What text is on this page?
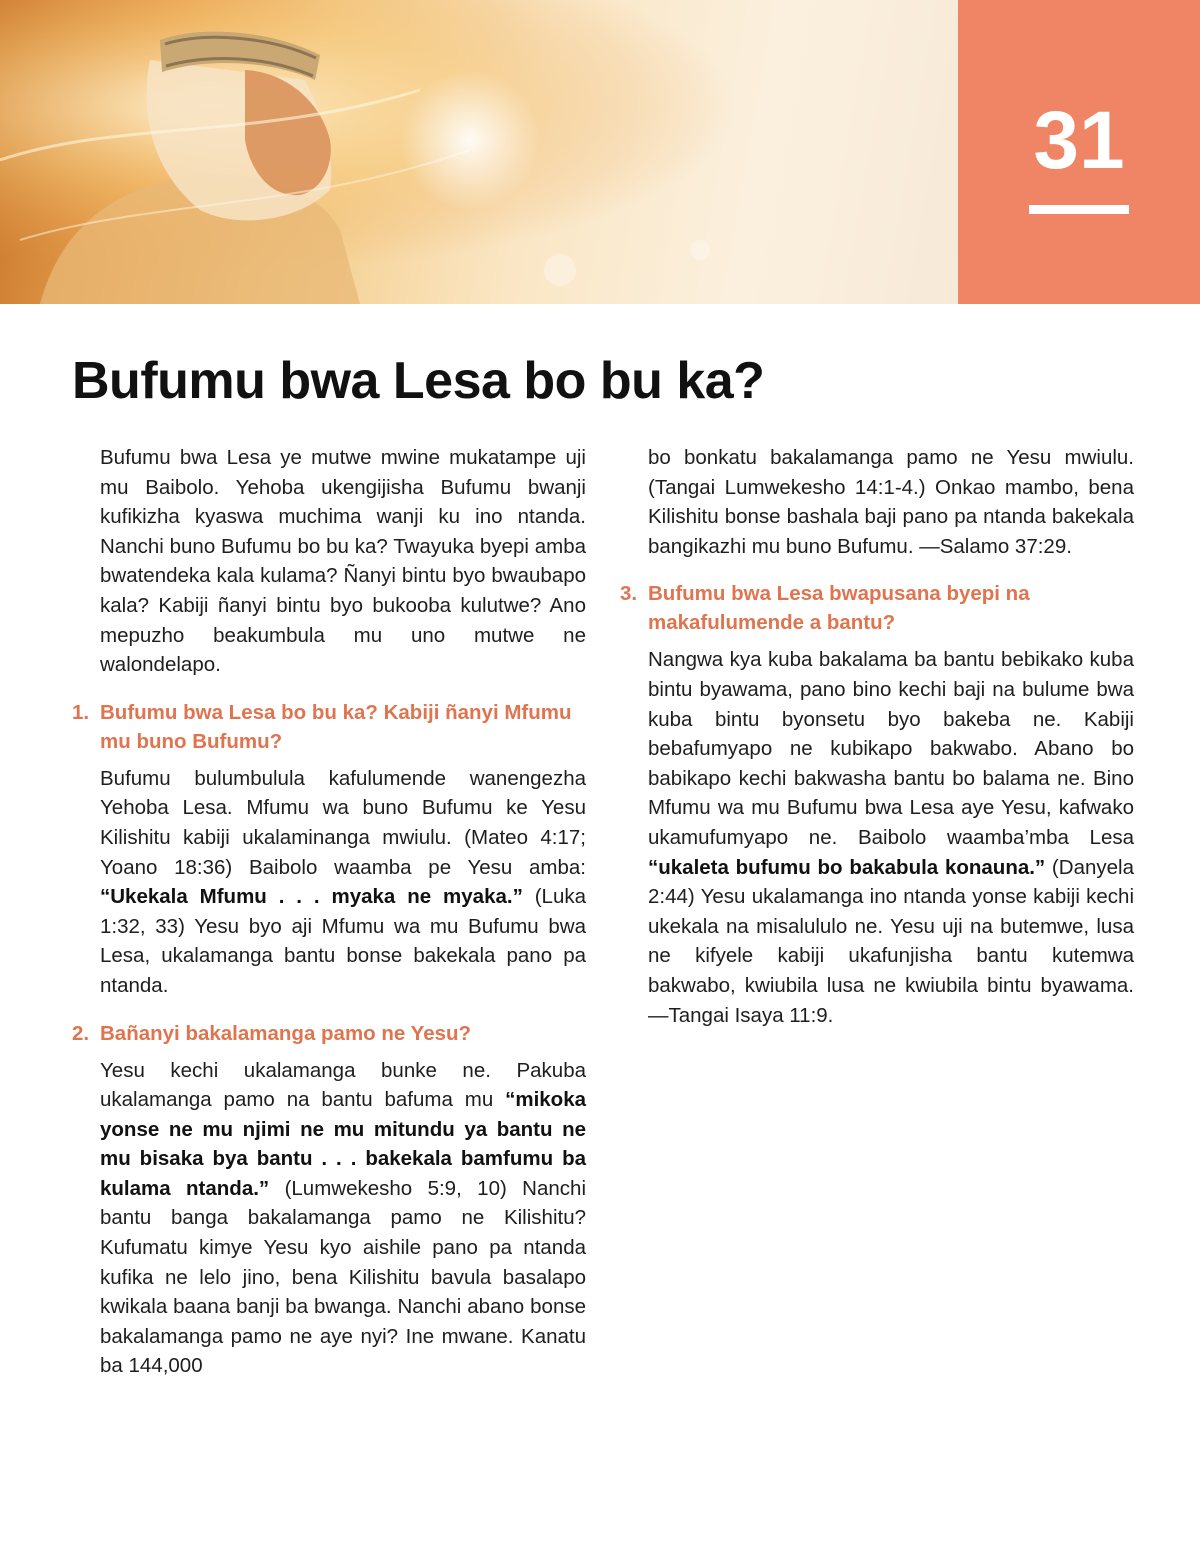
31
Bufumu bwa Lesa bo bu ka?

Bufumu bwa Lesa ye mutwe mwine mukatampe uji mu Baibolo. Yehoba ukengijisha Bufumu bwanji kufikizha kyaswa muchima wanji ku ino ntanda. Nanchi buno Bufumu bo bu ka? Twayuka byepi amba bwatendeka kala kulama? Ñanyi bintu byo bwaubapo kala? Kabiji ñanyi bintu byo bukooba kulutwe? Ano mepuzho beakumbula mu uno mutwe ne walondelapo.

1. Bufumu bwa Lesa bo bu ka? Kabiji ñanyi Mfumu mu buno Bufumu?

Bufumu bulumbulula kafulumende wanengezha Yehoba Lesa. Mfumu wa buno Bufumu ke Yesu Kilishitu kabiji ukalaminanga mwiulu. (Mateo 4:17; Yoano 18:36) Baibolo waamba pe Yesu amba: “Ukekala Mfumu . . . myaka ne myaka.” (Luka 1:32, 33) Yesu byo aji Mfumu wa mu Bufumu bwa Lesa, ukalamanga bantu bonse bakekala pano pa ntanda.

2. Bañanyi bakalamanga pamo ne Yesu?

Yesu kechi ukalamanga bunke ne. Pakuba ukalamanga pamo na bantu bafuma mu “mikoka yonse ne mu njimi ne mu mitundu ya bantu ne mu bisaka bya bantu . . . bakekala bamfumu ba kulama ntanda.” (Lumwekesho 5:9, 10) Nanchi bantu banga bakalamanga pamo ne Kilishitu? Kufumatu kimye Yesu kyo aishile pano pa ntanda kufika ne lelo jino, bena Kilishitu bavula basalapo kwikala baana banji ba bwanga. Nanchi abano bonse bakalamanga pamo ne aye nyi? Ine mwane. Kanatu ba 144,000

bo bonkatu bakalamanga pamo ne Yesu mwiulu. (Tangai Lumwekesho 14:1-4.) Onkao mambo, bena Kilishitu bonse bashala baji pano pa ntanda bakekala bangikazhi mu buno Bufumu. —Salamo 37:29.

3. Bufumu bwa Lesa bwapusana byepi na makafulumende a bantu?

Nangwa kya kuba bakalama ba bantu bebikako kuba bintu byawama, pano bino kechi baji na bulume bwa kuba bintu byonsetu byo bakeba ne. Kabiji bebafumyapo ne kubikapo bakwabo. Abano bo babikapo kechi bakwasha bantu bo balama ne. Bino Mfumu wa mu Bufumu bwa Lesa aye Yesu, kafwako ukamufumyapo ne. Baibolo waamba’mba Lesa “ukaleta bufumu bo bakabula konauna.” (Danyela 2:44) Yesu ukalamanga ino ntanda yonse kabiji kechi ukekala na misalululo ne. Yesu uji na butemwe, lusa ne kifyele kabiji ukafunjisha bantu kutemwa bakwabo, kwiubila lusa ne kwiubila bintu byawama. —Tangai Isaya 11:9.
